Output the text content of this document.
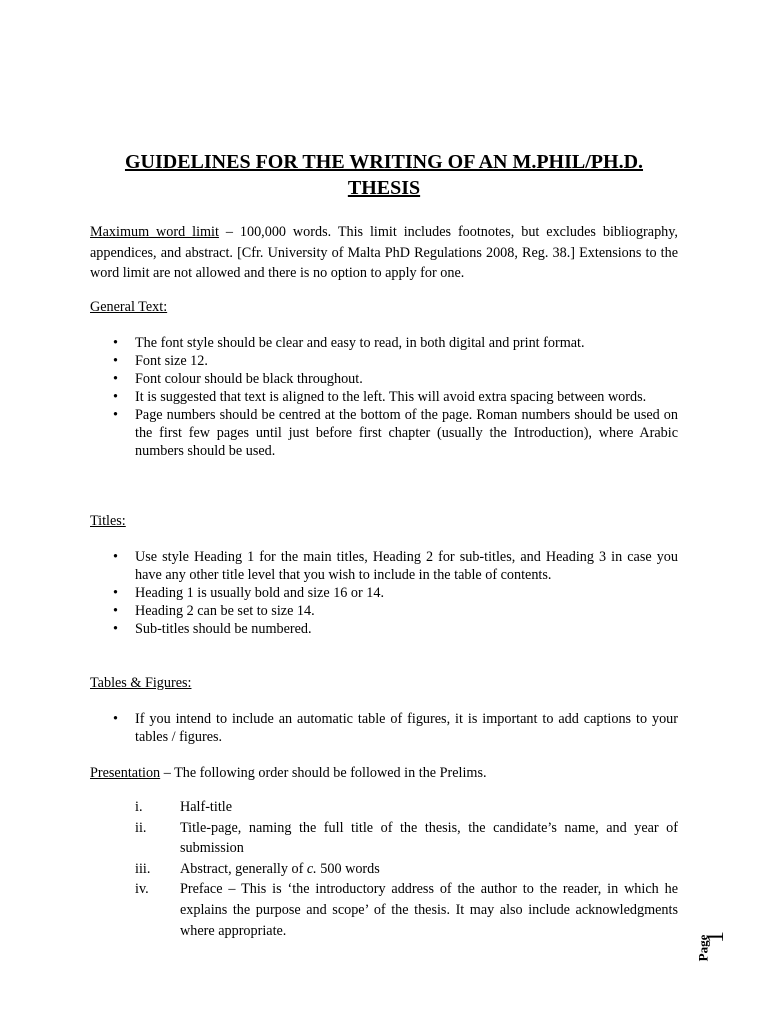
GUIDELINES FOR THE WRITING OF AN M.PHIL/PH.D.
THESIS
Maximum word limit – 100,000 words. This limit includes footnotes, but excludes bibliography, appendices, and abstract. [Cfr. University of Malta PhD Regulations 2008, Reg. 38.] Extensions to the word limit are not allowed and there is no option to apply for one.
General Text:
• The font style should be clear and easy to read, in both digital and print format.
• Font size 12.
• Font colour should be black throughout.
• It is suggested that text is aligned to the left. This will avoid extra spacing between words.
• Page numbers should be centred at the bottom of the page. Roman numbers should be used on the first few pages until just before first chapter (usually the Introduction), where Arabic numbers should be used.
Titles:
• Use style Heading 1 for the main titles, Heading 2 for sub-titles, and Heading 3 in case you have any other title level that you wish to include in the table of contents.
• Heading 1 is usually bold and size 16 or 14.
• Heading 2 can be set to size 14.
• Sub-titles should be numbered.
Tables & Figures:
• If you intend to include an automatic table of figures, it is important to add captions to your tables / figures.
Presentation – The following order should be followed in the Prelims.
i.	Half-title
ii. Title-page, naming the full title of the thesis, the candidate’s name, and year of submission
iii. Abstract, generally of c. 500 words
iv. Preface – This is ‘the introductory address of the author to the reader, in which he explains the purpose and scope’ of the thesis. It may also include acknowledgments where appropriate.
Page
1
